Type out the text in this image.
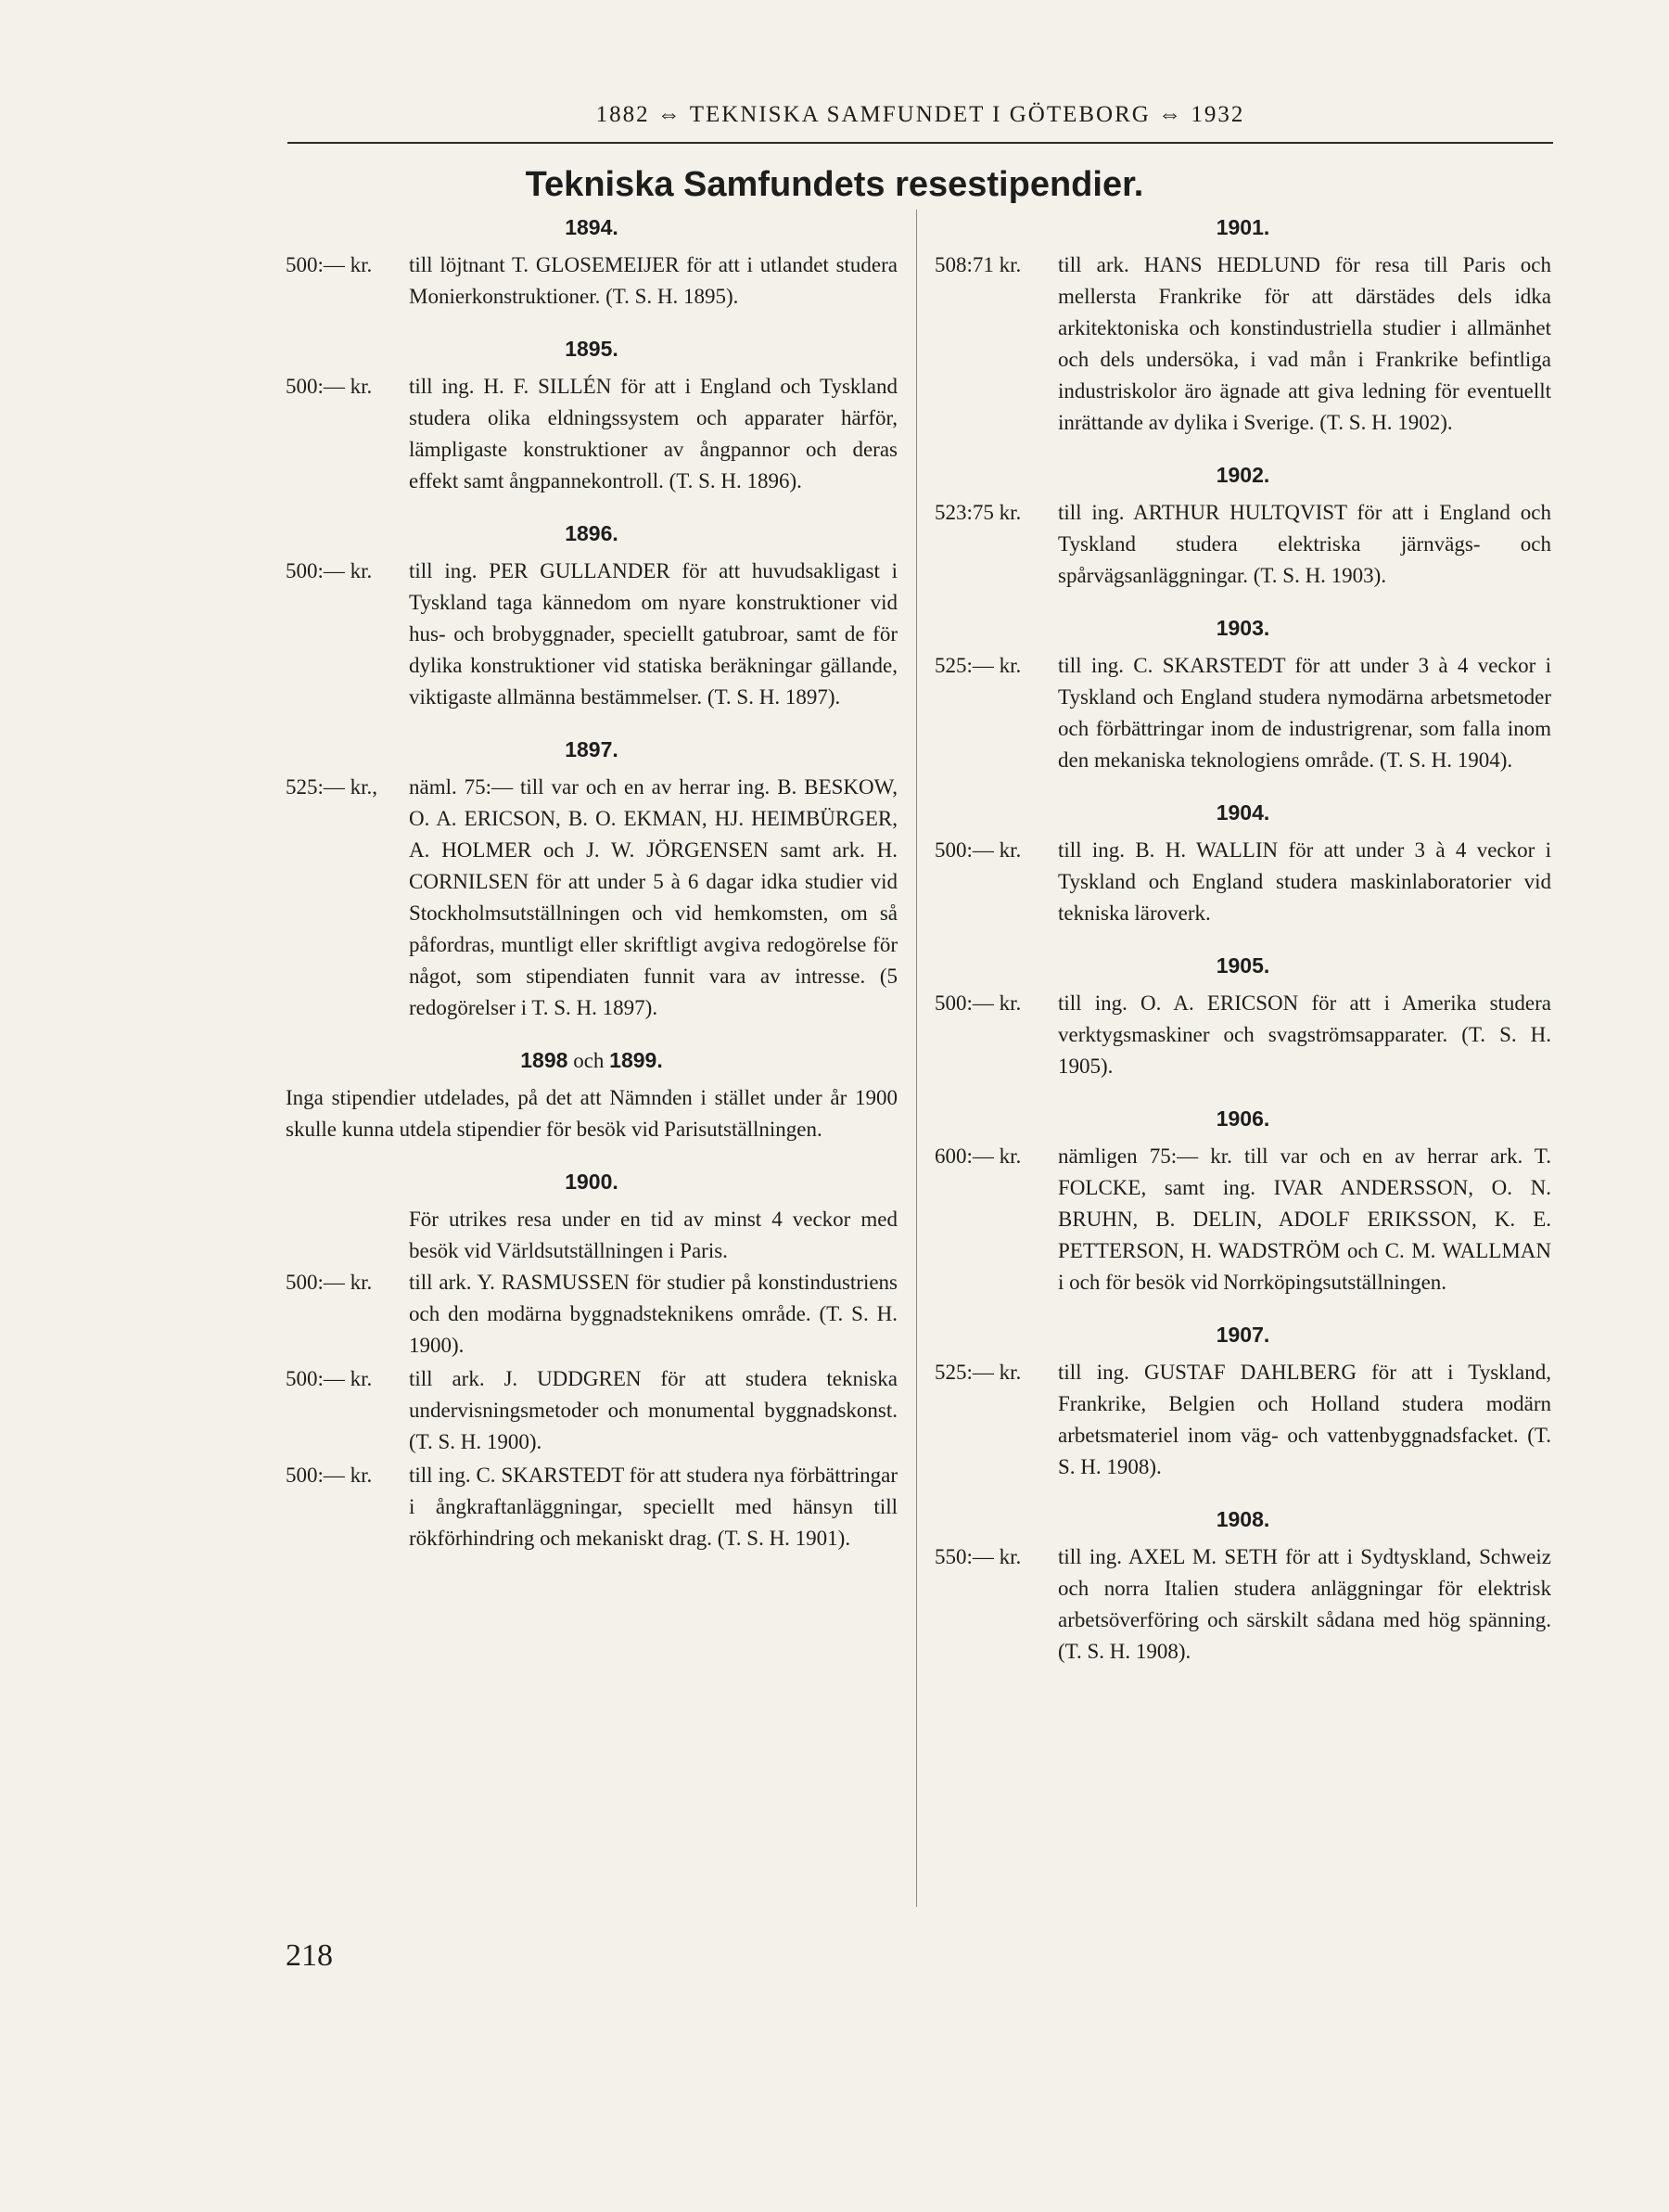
1882 ⇔ TEKNISKA SAMFUNDET I GÖTEBORG ⇔ 1932
Tekniska Samfundets resestipendier.
1894.
500:— kr.	till löjtnant T. GLOSEMEIJER för att i utlandet studera Monierkonstruktioner. (T. S. H. 1895).

1895.
500:— kr.	till ing. H. F. SILLÉN för att i England och Tyskland studera olika eldningssystem och apparater härför, lämpligaste konstruktioner av ångpannor och deras effekt samt ångpannekontroll. (T. S. H. 1896).

1896.
500:— kr.	till ing. PER GULLANDER för att huvudsakligast i Tyskland taga kännedom om nyare konstruktioner vid hus- och brobyggnader, speciellt gatubroar, samt de för dylika konstruktioner vid statiska beräkningar gällande, viktigaste allmänna bestämmelser. (T. S. H. 1897).

1897.
525:— kr.,	näml. 75:— till var och en av herrar ing. B. BESKOW, O. A. ERICSON, B. O. EKMAN, HJ. HEIMBÜRGER, A. HOLMER och J. W. JÖRGENSEN samt ark. H. CORNILSEN för att under 5 à 6 dagar idka studier vid Stockholmsutställningen och vid hemkomsten, om så påfordras, muntligt eller skriftligt avgiva redogörelse för något, som stipendiaten funnit vara av intresse. (5 redogörelser i T. S. H. 1897).

1898 och 1899.

Inga stipendier utdelades, på det att Nämnden i stället under år 1900 skulle kunna utdela stipendier för besök vid Parisutställningen.

1900.

För utrikes resa under en tid av minst 4 veckor med besök vid Världsutställningen i Paris.

500:— kr.	till ark. Y. RASMUSSEN för studier på konstindustriens och den modärna byggnadsteknikens område. (T. S. H. 1900).

500:— kr.	till ark. J. UDDGREN för att studera tekniska undervisningsmetoder och monumental byggnadskonst. (T. S. H. 1900).

500:— kr.	till ing. C. SKARSTEDT för att studera nya förbättringar i ångkraftanläggningar, speciellt med hänsyn till rökförhindring och mekaniskt drag. (T. S. H. 1901).

1901.
508:71 kr.	till ark. HANS HEDLUND för resa till Paris och mellersta Frankrike för att därstädes dels idka arkitektoniska och konstindustriella studier i allmänhet och dels undersöka, i vad mån i Frankrike befintliga industriskolor äro ägnade att giva ledning för eventuellt inrättande av dylika i Sverige. (T. S. H. 1902).

1902.
523:75 kr.	till ing. ARTHUR HULTQVIST för att i England och Tyskland studera elektriska järnvägs- och spårvägsanläggningar. (T. S. H. 1903).

1903.
525:— kr.	till ing. C. SKARSTEDT för att under 3 à 4 veckor i Tyskland och England studera nymodärna arbetsmetoder och förbättringar inom de industrigrenar, som falla inom den mekaniska teknologiens område. (T. S. H. 1904).

1904.
500:— kr.	till ing. B. H. WALLIN för att under 3 à 4 veckor i Tyskland och England studera maskinlaboratorier vid tekniska läroverk.

1905.
500:— kr.	till ing. O. A. ERICSON för att i Amerika studera verktygsmaskiner och svagströmsapparater. (T. S. H. 1905).

1906.
600:— kr.	nämligen 75:— kr. till var och en av herrar ark. T. FOLCKE, samt ing. IVAR ANDERSSON, O. N. BRUHN, B. DELIN, ADOLF ERIKSSON, K. E. PETTERSON, H. WADSTRÖM och C. M. WALLMAN i och för besök vid Norrköpingsutställningen.

1907.
525:— kr.	till ing. GUSTAF DAHLBERG för att i Tyskland, Frankrike, Belgien och Holland studera modärn arbetsmateriel inom väg- och vattenbyggnadsfacket. (T. S. H. 1908).

1908.
550:— kr.	till ing. AXEL M. SETH för att i Sydtyskland, Schweiz och norra Italien studera anläggningar för elektrisk arbetsöverföring och särskilt sådana med hög spänning. (T. S. H. 1908).

218
